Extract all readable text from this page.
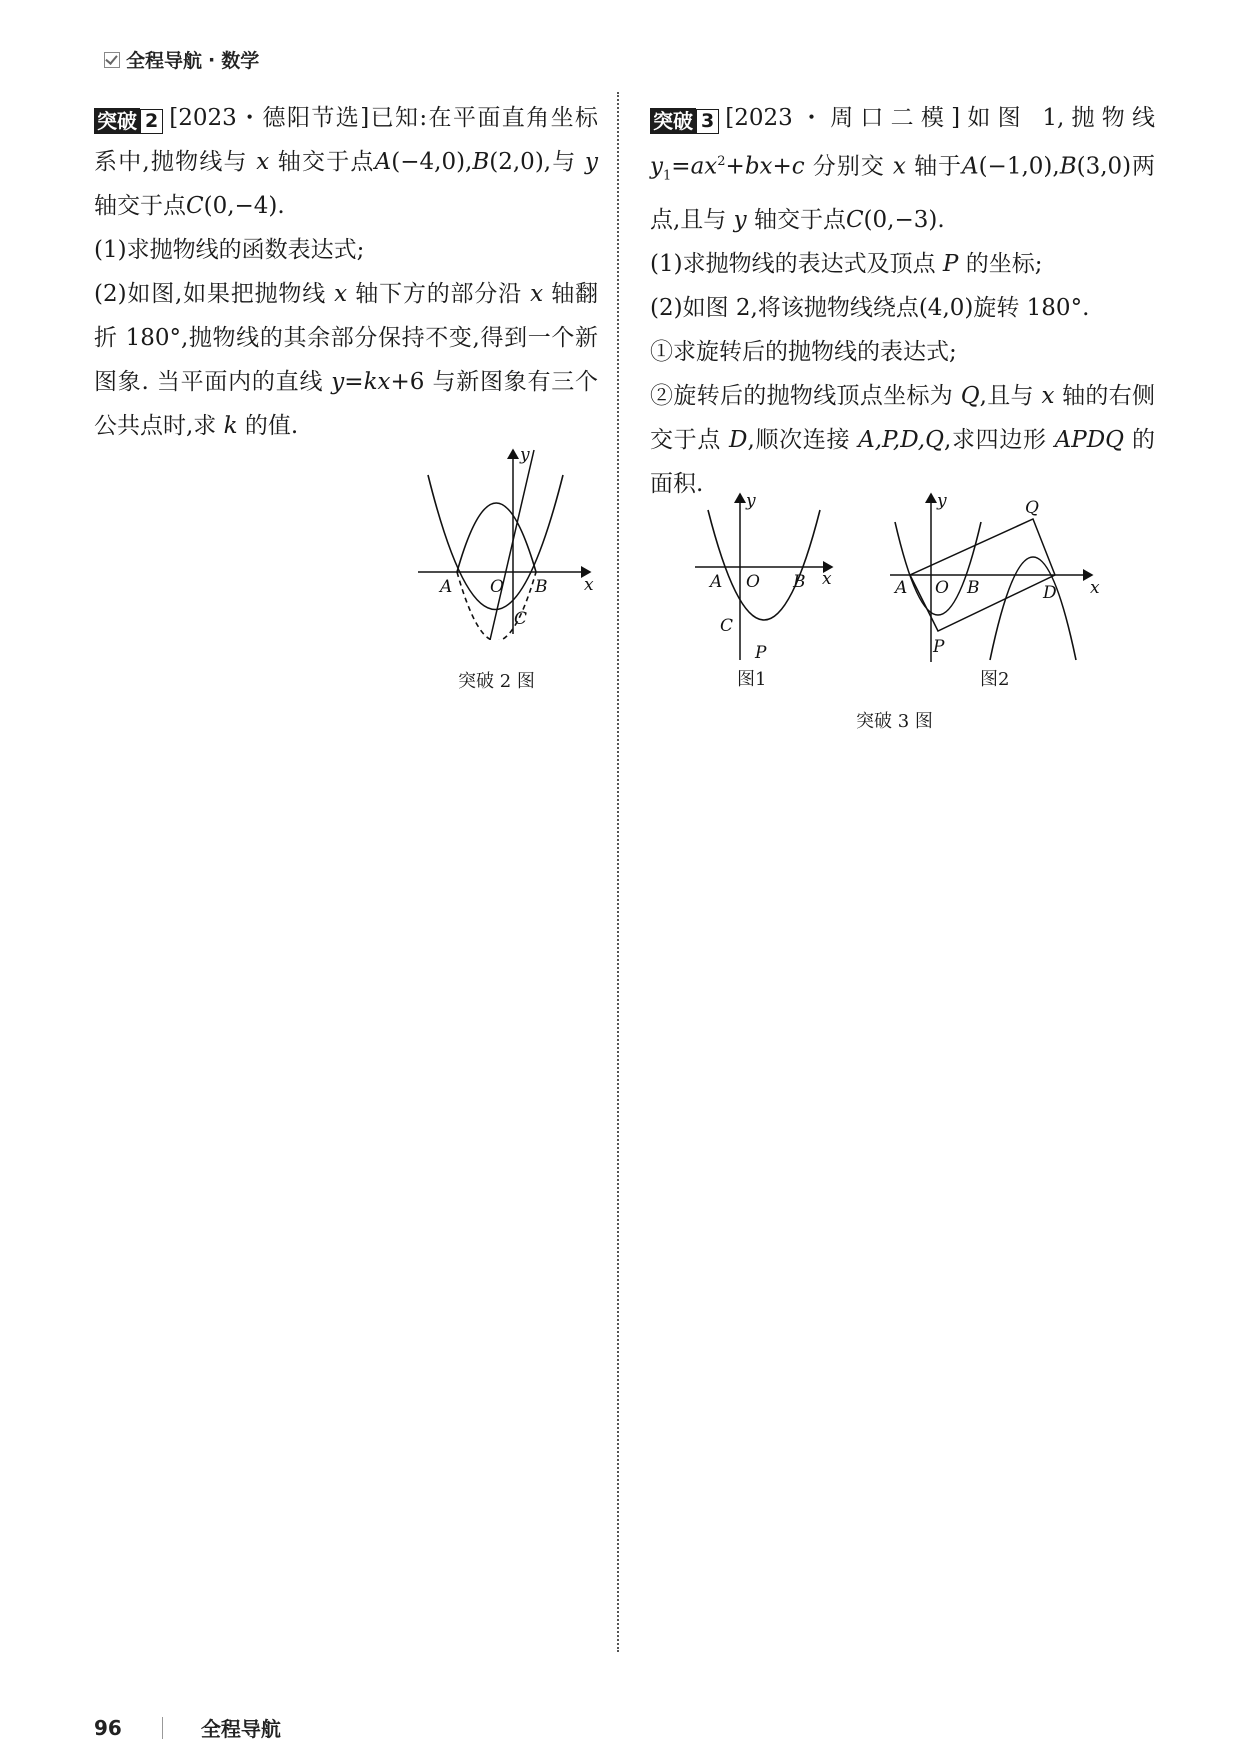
全程导航 · 数学

突破 2 [2023・德阳节选]已知:在平面直角坐标系中,抛物线与 x 轴交于点A(−4,0),B(2,0),与 y 轴交于点C(0,−4).

(1)求抛物线的函数表达式;

(2)如图,如果把抛物线 x 轴下方的部分沿 x 轴翻折 180°,抛物线的其余部分保持不变,得到一个新图象. 当平面内的直线 y=kx+6 与新图象有三个公共点时,求 k 的值.

A O B
C
x
y
突破 2 图

突破 3 [2023・周口二模]如图 1,抛物线 $y_1=ax^2+bx+c$ 分别交 x 轴于A(−1,0),B(3,0)两点,且与 y 轴交于点C(0,−3).

(1)求抛物线的表达式及顶点 P 的坐标;

(2)如图 2,将该抛物线绕点(4,0)旋转 180°.

①求旋转后的抛物线的表达式;

②旋转后的抛物线顶点坐标为 Q,且与 x 轴的右侧交于点 D,顺次连接 A,P,D,Q,求四边形 APDQ 的面积.

A O B
C
P
x
y
图1
A O B	D
P
Q
x
y
图2
突破 3 图
96	全程导航
